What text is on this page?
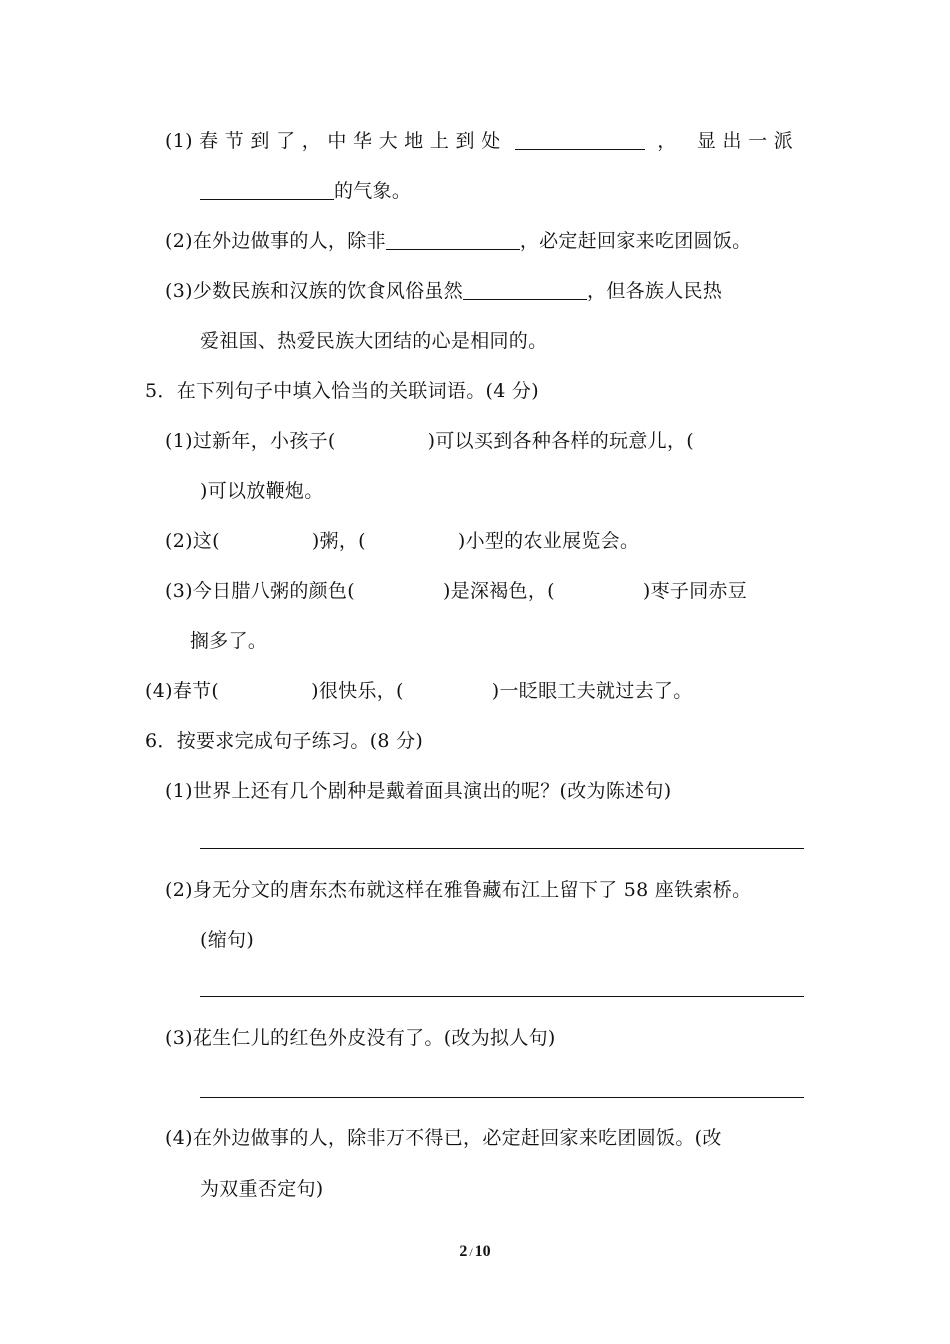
(1) 春 节 到 了 ， 中 华 大 地 上 到 处	， 显 出 一 派
的气象。
(2)在外边做事的人，除非	，必定赶回家来吃团圆饭。
(3)少数民族和汉族的饮食风俗虽然	，但各族人民热
爱祖国、热爱民族大团结的心是相同的。
5．在下列句子中填入恰当的关联词语。(4 分)
(1)过新年，小孩子(	)可以买到各种各样的玩意儿，(
)可以放鞭炮。
(2)这(	)粥，(	)小型的农业展览会。
(3)今日腊八粥的颜色(	)是深褐色，(	)枣子同赤豆
搁多了。
(4)春节(	)很快乐，(	)一眨眼工夫就过去了。
6．按要求完成句子练习。(8 分)
(1)世界上还有几个剧种是戴着面具演出的呢？(改为陈述句)
(2)身无分文的唐东杰布就这样在雅鲁藏布江上留下了 58 座铁索桥。
(缩句)
(3)花生仁儿的红色外皮没有了。(改为拟人句)
(4)在外边做事的人，除非万不得已，必定赶回家来吃团圆饭。(改
为双重否定句)
2 / 10
